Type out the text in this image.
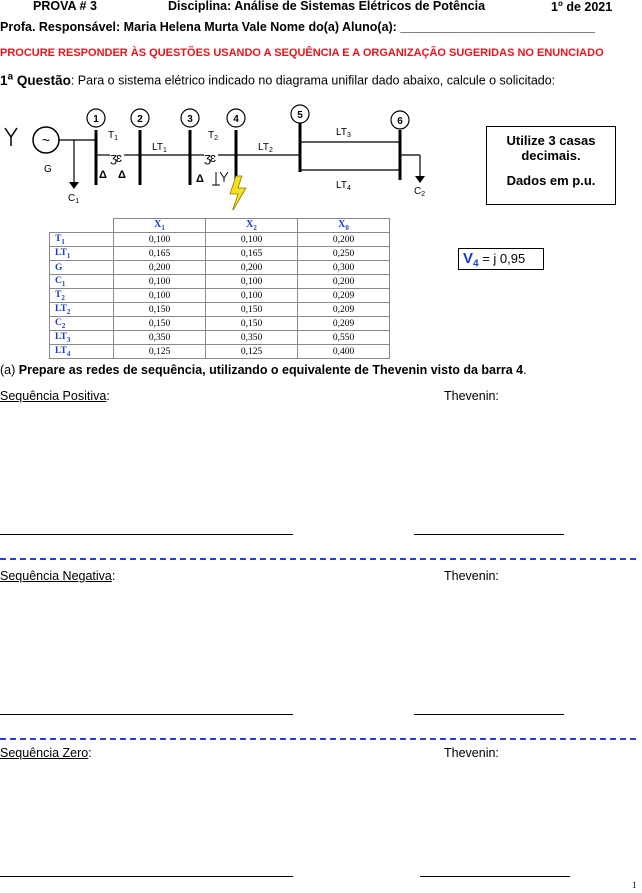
PROVA # 3	Disciplina: Análise de Sistemas Elétricos de Potência	1$^o$ de 2021
Profa. Responsável: Maria Helena Murta Vale Nome do(a) Aluno(a): ____________________________
PROCURE RESPONDER ÀS QUESTÕES USANDO A SEQUÊNCIA E A ORGANIZAÇÃO SUGERIDAS NO ENUNCIADO
1$^a$ Questão: Para o sistema elétrico indicado no diagrama unifilar dado abaixo, calcule o solicitado:
~
G
$C_1$
1
$T_1$
ʒ
ɛ
Δ Δ
2
$LT_1$
3
$T_2$
ʒ
ɛ
Δ
4
$LT_2$
5
$LT_3$
$LT_4$
6
$C_2$
Utilize 3 casas
decimais.
Dados em p.u.
	$X_1$	$X_2$	$X_0$
$T_1$	0,100	0,100	0,200
$LT_1$	0,165	0,165	0,250
G	0,200	0,200	0,300
$C_1$	0,100	0,100	0,200
$T_2$	0,100	0,100	0,209
$LT_2$	0,150	0,150	0,209
$C_2$	0,150	0,150	0,209
$LT_3$	0,350	0,350	0,550
$LT_4$	0,125	0,125	0,400
$V_4 = j$ 0,95
(a) Prepare as redes de sequência, utilizando o equivalente de Thevenin visto da barra 4.
Sequência Positiva:	Thevenin:
Sequência Negativa:	Thevenin:
Sequência Zero:	Thevenin:
1
